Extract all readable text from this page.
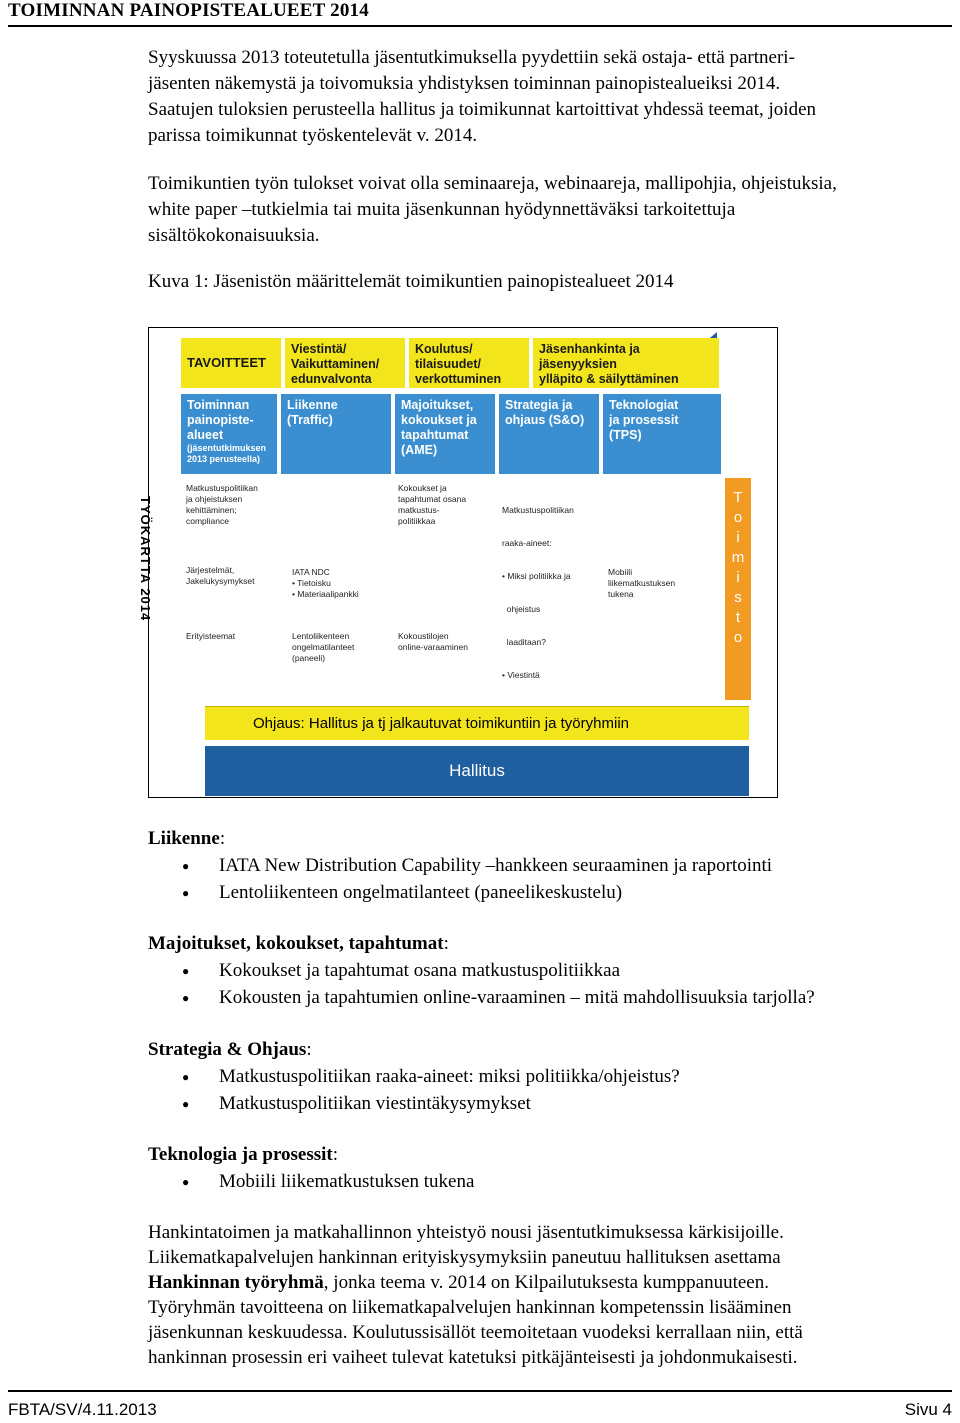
TOIMINNAN PAINOPISTEALUEET 2014

Syyskuussa 2013 toteutetulla jäsentutkimuksella pyydettiin sekä ostaja- että partneri-
jäsenten näkemystä ja toivomuksia yhdistyksen toiminnan painopistealueiksi 2014.
Saatujen tuloksien perusteella hallitus ja toimikunnat kartoittivat yhdessä teemat, joiden
parissa toimikunnat työskentelevät v. 2014.

Toimikuntien työn tulokset voivat olla seminaareja, webinaareja, mallipohjia, ohjeistuksia,
white paper –tutkielmia tai muita jäsenkunnan hyödynnettäväksi tarkoitettuja
sisältökokonaisuuksia.

Kuva 1: Jäsenistön määrittelemät toimikuntien painopistealueet 2014

TAVOITTEET
Viestintä/
Vaikuttaminen/
edunvalvonta
Koulutus/
tilaisuudet/
verkottuminen
Jäsenhankinta ja
jäsenyyksien
ylläpito & säilyttäminen
Toiminnan
painopiste-
alueet
(jäsentutkimuksen
2013 perusteella)
Liikenne
(Traffic)
Majoitukset,
kokoukset ja
tapahtumat
(AME)
Strategia ja
ohjaus (S&O)
Teknologiat
ja prosessit
(TPS)
TYÖKARTTA 2014
Matkustuspolitiikan
ja ohjeistuksen
kehittäminen;
compliance
Järjestelmät,
Jakelukysymykset
Erityisteemat
IATA NDC
• Tietoisku
• Materiaalipankki
Lentoliikenteen
ongelmatilanteet
(paneeli)
Kokoukset ja
tapahtumat osana
matkustus-
politiikkaa
Kokoustilojen
online-varaaminen

Matkustuspolitiikan

raaka-aineet:

• Miksi politiikka ja

ohjeistus

laaditaan?

• Viestintä

Mobiili
liikematkustuksen
tukena
T
o
i
m
i
s
t
o
Ohjaus: Hallitus ja tj jalkautuvat toimikuntiin ja työryhmiin
Hallitus
Liikenne:
● IATA New Distribution Capability –hankkeen seuraaminen ja raportointi
● Lentoliikenteen ongelmatilanteet (paneelikeskustelu)
Majoitukset, kokoukset, tapahtumat:
● Kokoukset ja tapahtumat osana matkustuspolitiikkaa
● Kokousten ja tapahtumien online-varaaminen – mitä mahdollisuuksia tarjolla?
Strategia & Ohjaus:
● Matkustuspolitiikan raaka-aineet: miksi politiikka/ohjeistus?
● Matkustuspolitiikan viestintäkysymykset
Teknologia ja prosessit:
● Mobiili liikematkustuksen tukena
Hankintatoimen ja matkahallinnon yhteistyö nousi jäsentutkimuksessa kärkisijoille.
Liikematkapalvelujen hankinnan erityiskysymyksiin paneutuu hallituksen asettama
Hankinnan työryhmä, jonka teema v. 2014 on Kilpailutuksesta kumppanuuteen.
Työryhmän tavoitteena on liikematkapalvelujen hankinnan kompetenssin lisääminen
jäsenkunnan keskuudessa. Koulutussisällöt teemoitetaan vuodeksi kerrallaan niin, että
hankinnan prosessin eri vaiheet tulevat katetuksi pitkäjänteisesti ja johdonmukaisesti.
FBTA/SV/4.11.2013	Sivu 4
